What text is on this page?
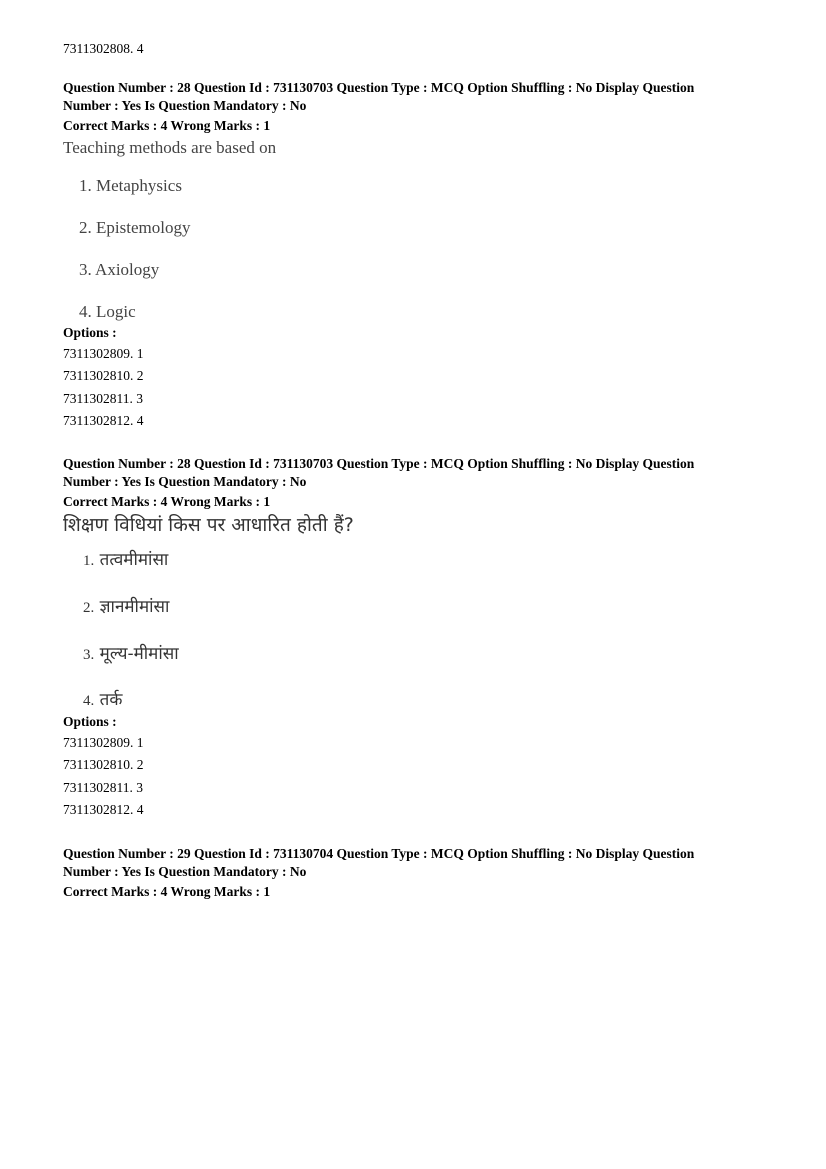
7311302808. 4
Question Number : 28 Question Id : 731130703 Question Type : MCQ Option Shuffling : No Display Question
Number : Yes Is Question Mandatory : No
Correct Marks : 4 Wrong Marks : 1
Teaching methods are based on
1. Metaphysics
2. Epistemology
3. Axiology
4. Logic
Options :
7311302809. 1
7311302810. 2
7311302811. 3
7311302812. 4
Question Number : 28 Question Id : 731130703 Question Type : MCQ Option Shuffling : No Display Question
Number : Yes Is Question Mandatory : No
Correct Marks : 4 Wrong Marks : 1
शिक्षण विधियां किस पर आधारित होती हैं?
1. तत्वमीमांसा
2. ज्ञानमीमांसा
3. मूल्य-मीमांसा
4. तर्क
Options :
7311302809. 1
7311302810. 2
7311302811. 3
7311302812. 4
Question Number : 29 Question Id : 731130704 Question Type : MCQ Option Shuffling : No Display Question
Number : Yes Is Question Mandatory : No
Correct Marks : 4 Wrong Marks : 1
